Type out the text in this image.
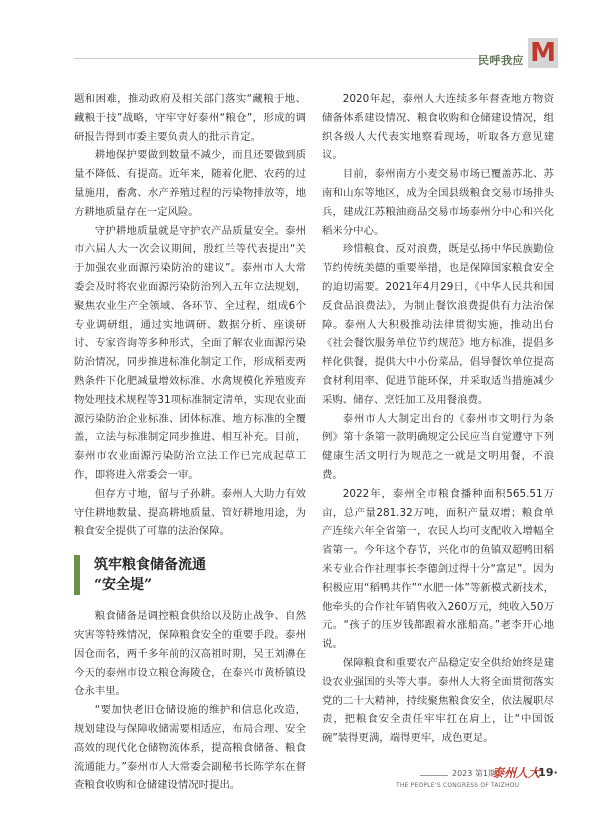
民呼我应 M

题和困难，推动政府及相关部门落实“藏粮于地、藏粮于技”战略，守牢守好泰州“粮仓”，形成的调研报告得到市委主要负责人的批示肯定。

耕地保护要做到数量不减少，而且还要做到质量不降低、有提高。近年来，随着化肥、农药的过量施用，畜禽、水产养殖过程的污染物排放等，地方耕地质量存在一定风险。

守护耕地质量就是守护农产品质量安全。泰州市六届人大一次会议期间，殷红兰等代表提出“关于加强农业面源污染防治的建议”。泰州市人大常委会及时将农业面源污染防治列入五年立法规划，聚焦农业生产全领域、各环节、全过程，组成6个专业调研组，通过实地调研、数据分析、座谈研讨、专家咨询等多种形式，全面了解农业面源污染防治情况，同步推进标准化制定工作，形成稻麦两熟条件下化肥减量增效标准、水禽规模化养殖废弃物处理技术规程等31项标准制定清单，实现农业面源污染防治企业标准、团体标准、地方标准的全覆盖，立法与标准制定同步推进、相互补充。目前，泰州市农业面源污染防治立法工作已完成起草工作，即将进入常委会一审。

但存方寸地，留与子孙耕。泰州人大助力有效守住耕地数量、提高耕地质量、管好耕地用途，为粮食安全提供了可靠的法治保障。

筑牢粮食储备流通
“安全堤”

粮食储备是调控粮食供给以及防止战争、自然灾害等特殊情况，保障粮食安全的重要手段。泰州因仓而名，两千多年前的汉高祖时期，吴王刘濞在今天的泰州市设立粮仓海陵仓，在泰兴市黄桥镇设仓永丰里。

“要加快老旧仓储设施的维护和信息化改造，规划建设与保障收储需要相适应，布局合理、安全高效的现代化仓储物流体系，提高粮食储备、粮食流通能力。”泰州市人大常委会副秘书长陈学东在督查粮食收购和仓储建设情况时提出。

2020年起，泰州人大连续多年督查地方物资储备体系建设情况、粮食收购和仓储建设情况，组织各级人大代表实地察看现场，听取各方意见建议。

目前，泰州南方小麦交易市场已覆盖苏北、苏南和山东等地区，成为全国县级粮食交易市场排头兵，建成江苏粮油商品交易市场泰州分中心和兴化稻米分中心。

珍惜粮食、反对浪费，既是弘扬中华民族勤俭节约传统美德的重要举措，也是保障国家粮食安全的迫切需要。2021年4月29日，《中华人民共和国反食品浪费法》，为制止餐饮浪费提供有力法治保障。泰州人大积极推动法律贯彻实施，推动出台《社会餐饮服务单位节约规范》地方标准，提倡多样化供餐，提供大中小份菜品，倡导餐饮单位提高食材利用率、促进节能环保，并采取适当措施减少采购、储存、烹饪加工及用餐浪费。

泰州市人大制定出台的《泰州市文明行为条例》第十条第一款明确规定公民应当自觉遵守下列健康生活文明行为规范之一就是文明用餐，不浪费。

2022年，泰州全市粮食播种面积565.51万亩，总产量281.32万吨，面积产量双增；粮食单产连续六年全省第一，农民人均可支配收入增幅全省第一。今年这个春节，兴化市的鱼镇双超鸭田稻米专业合作社理事长李德剑过得十分“富足”。因为积极应用“稻鸭共作”“水肥一体”等新模式新技术，他牵头的合作社年销售收入260万元，纯收入50万元。“孩子的压岁钱都跟着水涨船高。”老李开心地说。

保障粮食和重要农产品稳定安全供给始终是建设农业强国的头等大事。泰州人大将全面贯彻落实党的二十大精神，持续聚焦粮食安全，依法履职尽责，把粮食安全责任牢牢扛在肩上，让“中国饭碗”装得更满，端得更牢，成色更足。

2023 第1期
泰州人大
·19·
THE PEOPLE’S CONGRESS OF TAIZHOU
